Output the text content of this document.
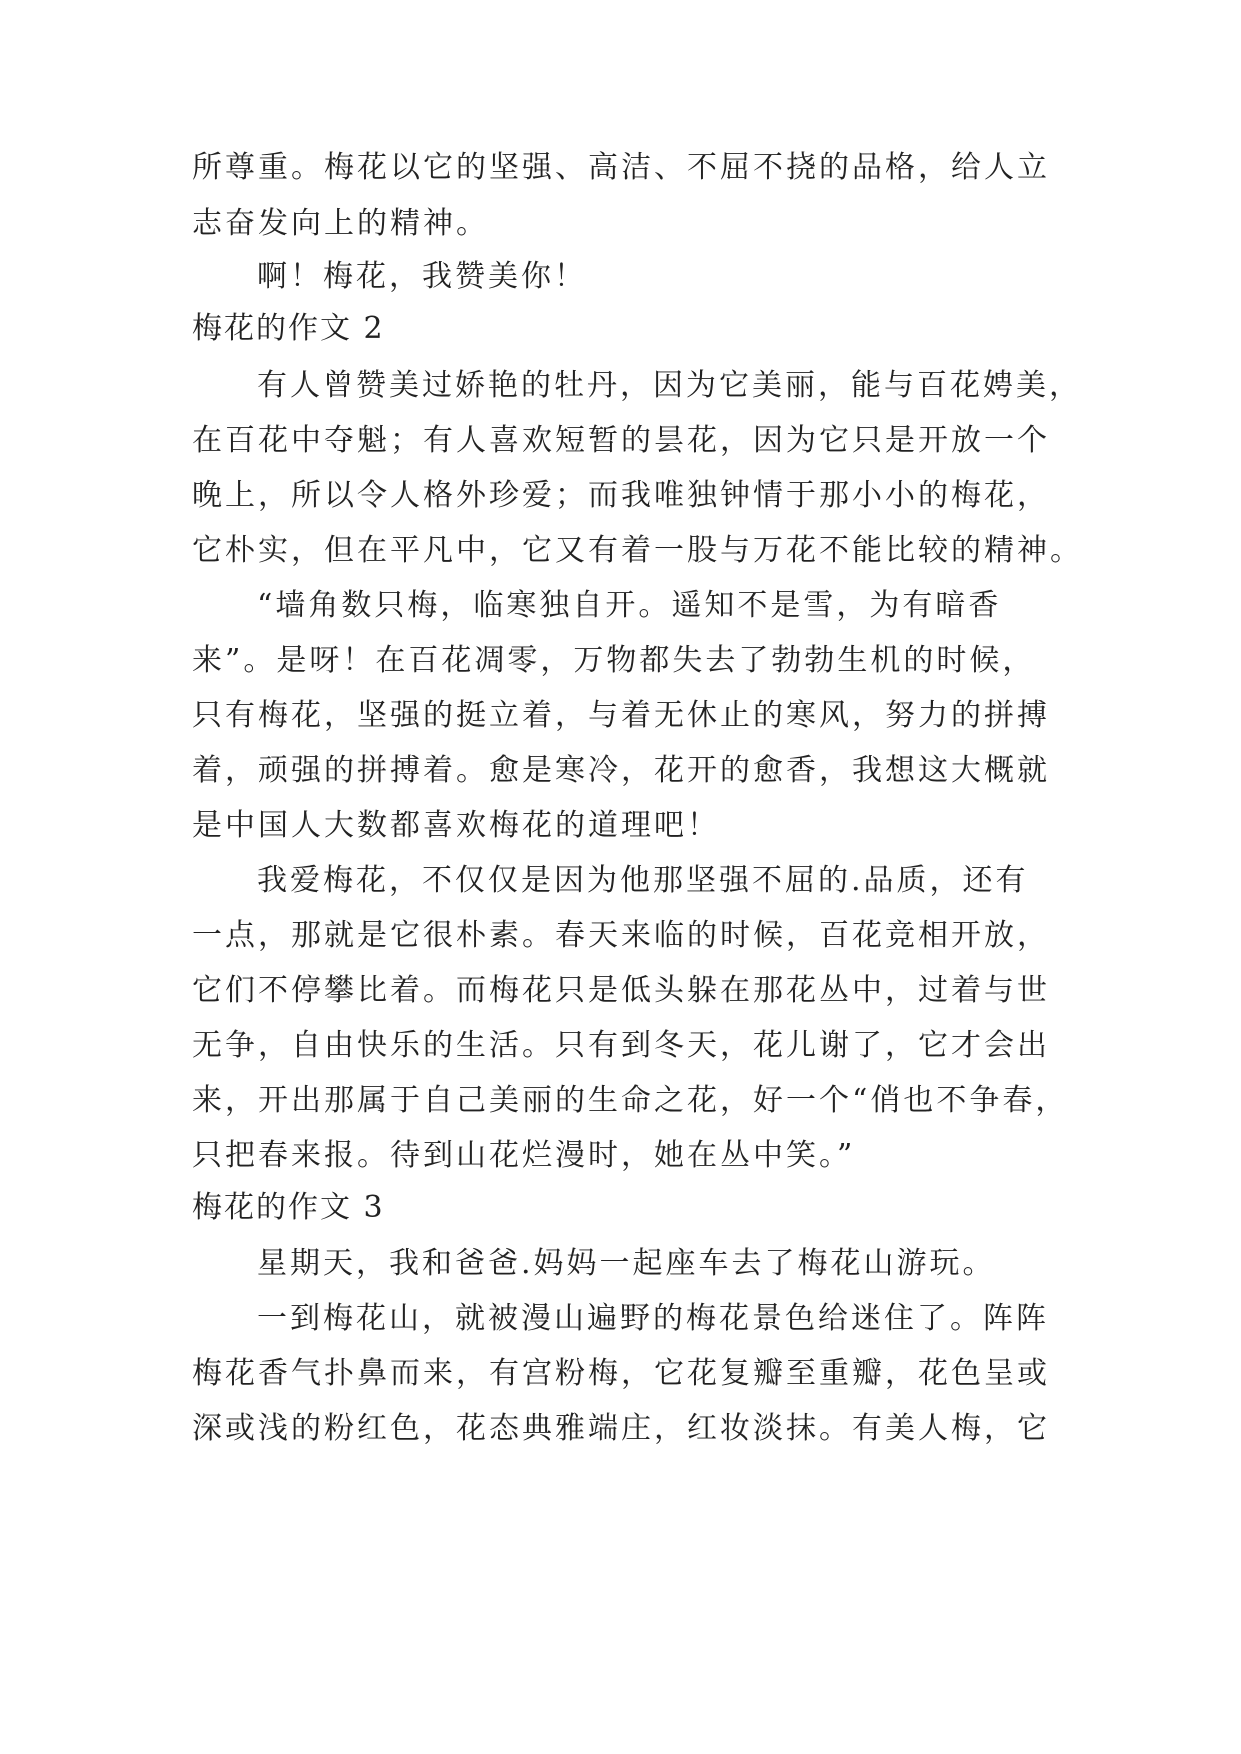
所尊重。梅花以它的坚强、高洁、不屈不挠的品格，给人立
志奋发向上的精神。
啊！梅花，我赞美你！
梅花的作文 2
有人曾赞美过娇艳的牡丹，因为它美丽，能与百花娉美，
在百花中夺魁；有人喜欢短暂的昙花，因为它只是开放一个
晚上，所以令人格外珍爱；而我唯独钟情于那小小的梅花，
它朴实，但在平凡中，它又有着一股与万花不能比较的精神。
“墙角数只梅，临寒独自开。遥知不是雪，为有暗香
来”。是呀！在百花凋零，万物都失去了勃勃生机的时候，
只有梅花，坚强的挺立着，与着无休止的寒风，努力的拼搏
着，顽强的拼搏着。愈是寒冷，花开的愈香，我想这大概就
是中国人大数都喜欢梅花的道理吧！
我爱梅花，不仅仅是因为他那坚强不屈的.品质，还有
一点，那就是它很朴素。春天来临的时候，百花竞相开放，
它们不停攀比着。而梅花只是低头躲在那花丛中，过着与世
无争，自由快乐的生活。只有到冬天，花儿谢了，它才会出
来，开出那属于自己美丽的生命之花，好一个“俏也不争春，
只把春来报。待到山花烂漫时，她在丛中笑。”
梅花的作文 3
星期天，我和爸爸.妈妈一起座车去了梅花山游玩。
一到梅花山，就被漫山遍野的梅花景色给迷住了。阵阵
梅花香气扑鼻而来，有宫粉梅，它花复瓣至重瓣，花色呈或
深或浅的粉红色，花态典雅端庄，红妆淡抹。有美人梅，它
